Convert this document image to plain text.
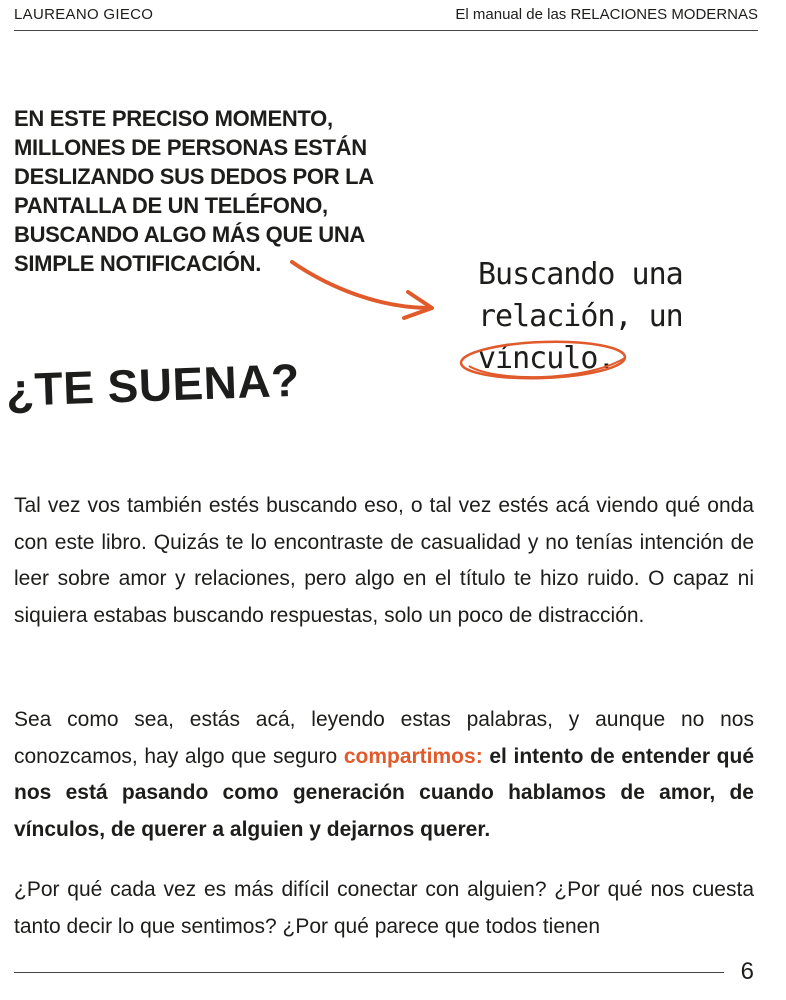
LAUREANO GIECO	El manual de las RELACIONES MODERNAS
EN ESTE PRECISO MOMENTO, MILLONES DE PERSONAS ESTÁN DESLIZANDO SUS DEDOS POR LA PANTALLA DE UN TELÉFONO, BUSCANDO ALGO MÁS QUE UNA SIMPLE NOTIFICACIÓN.	Buscando una
relación, un
vínculo.
¿TE SUENA?
Tal vez vos también estés buscando eso, o tal vez estés acá viendo qué onda con este libro. Quizás te lo encontraste de casualidad y no tenías intención de leer sobre amor y relaciones, pero algo en el título te hizo ruido. O capaz ni siquiera estabas buscando respuestas, solo un poco de distracción.
Sea como sea, estás acá, leyendo estas palabras, y aunque no nos conozcamos, hay algo que seguro compartimos: el intento de entender qué nos está pasando como generación cuando hablamos de amor, de vínculos, de querer a alguien y dejarnos querer.
¿Por qué cada vez es más difícil conectar con alguien? ¿Por qué nos cuesta tanto decir lo que sentimos? ¿Por qué parece que todos tienen
6
